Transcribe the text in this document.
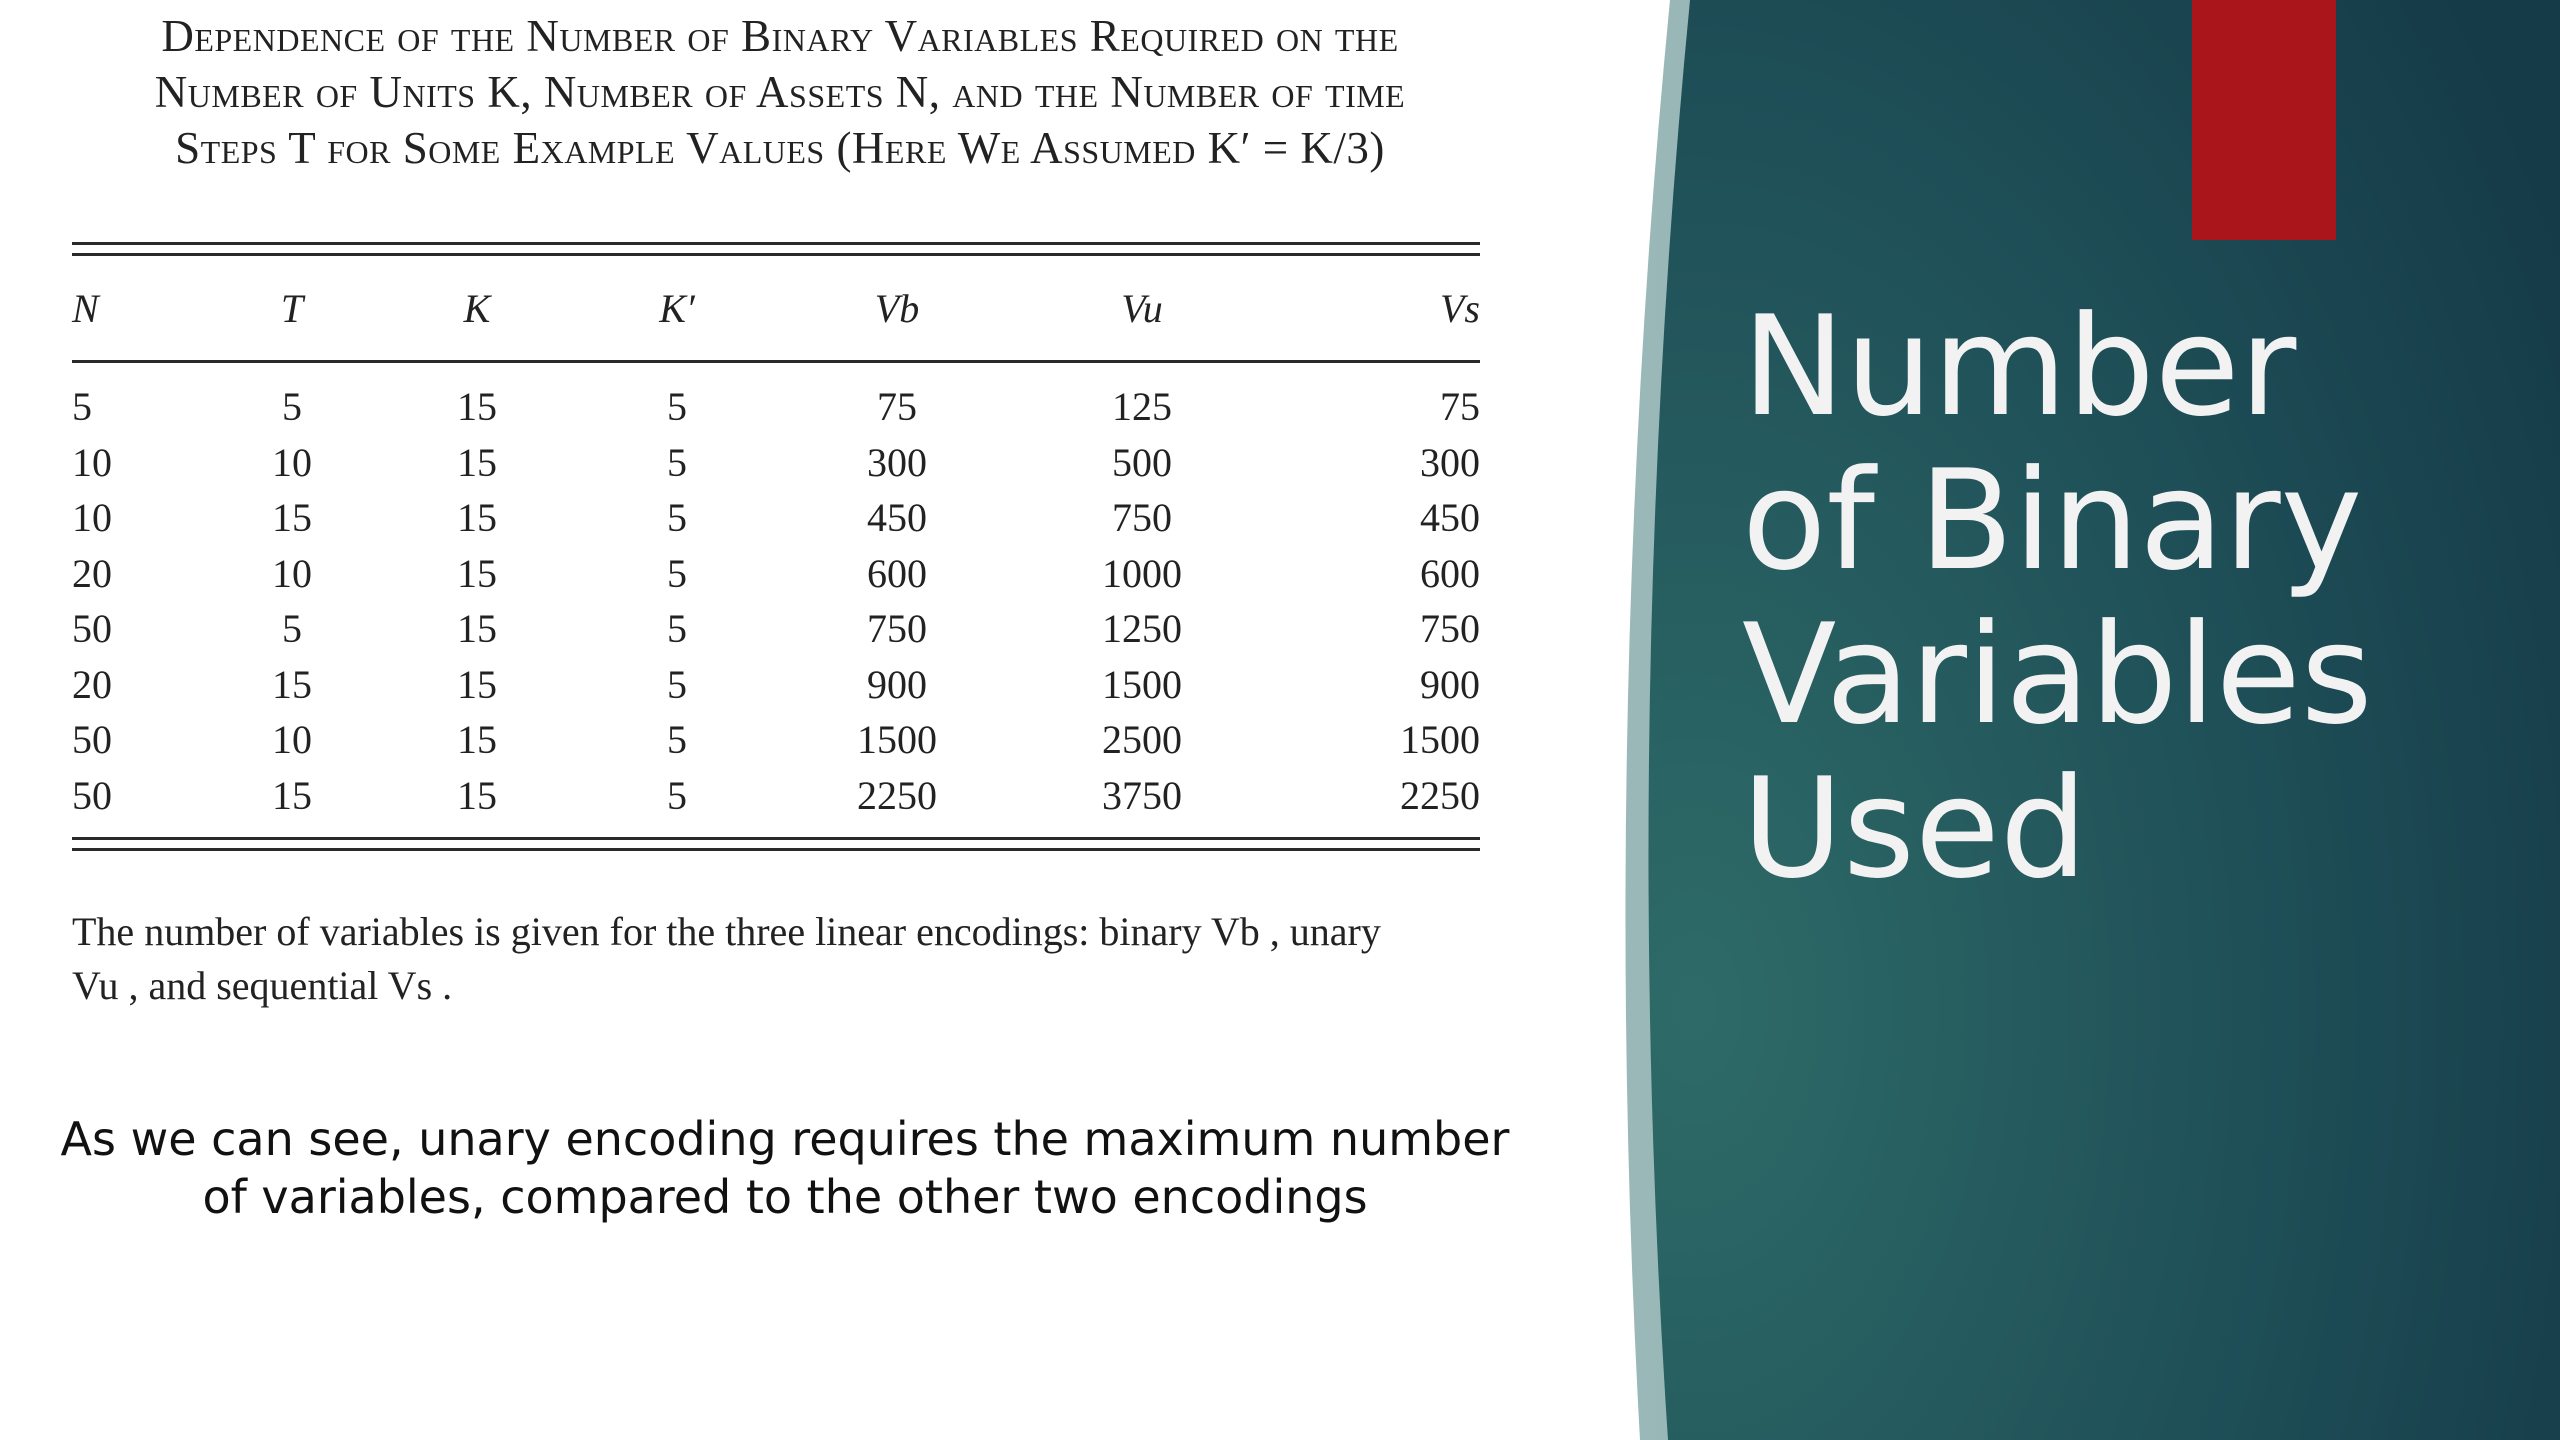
Dependence of the Number of Binary Variables Required on the
Number of Units K, Number of Assets N, and the Number of time
Steps T for Some Example Values (Here We Assumed K′ = K/3)
N	T	K	K′	Vb	Vu	Vs
5	5	15	5	75	125	75
10	10	15	5	300	500	300
10	15	15	5	450	750	450
20	10	15	5	600	1000	600
50	5	15	5	750	1250	750
20	15	15	5	900	1500	900
50	10	15	5	1500	2500	1500
50	15	15	5	2250	3750	2250
The number of variables is given for the three linear encodings: binary Vb , unary
Vu , and sequential Vs .
As we can see, unary encoding requires the maximum number
of variables, compared to the other two encodings
Number
of Binary
Variables
Used
